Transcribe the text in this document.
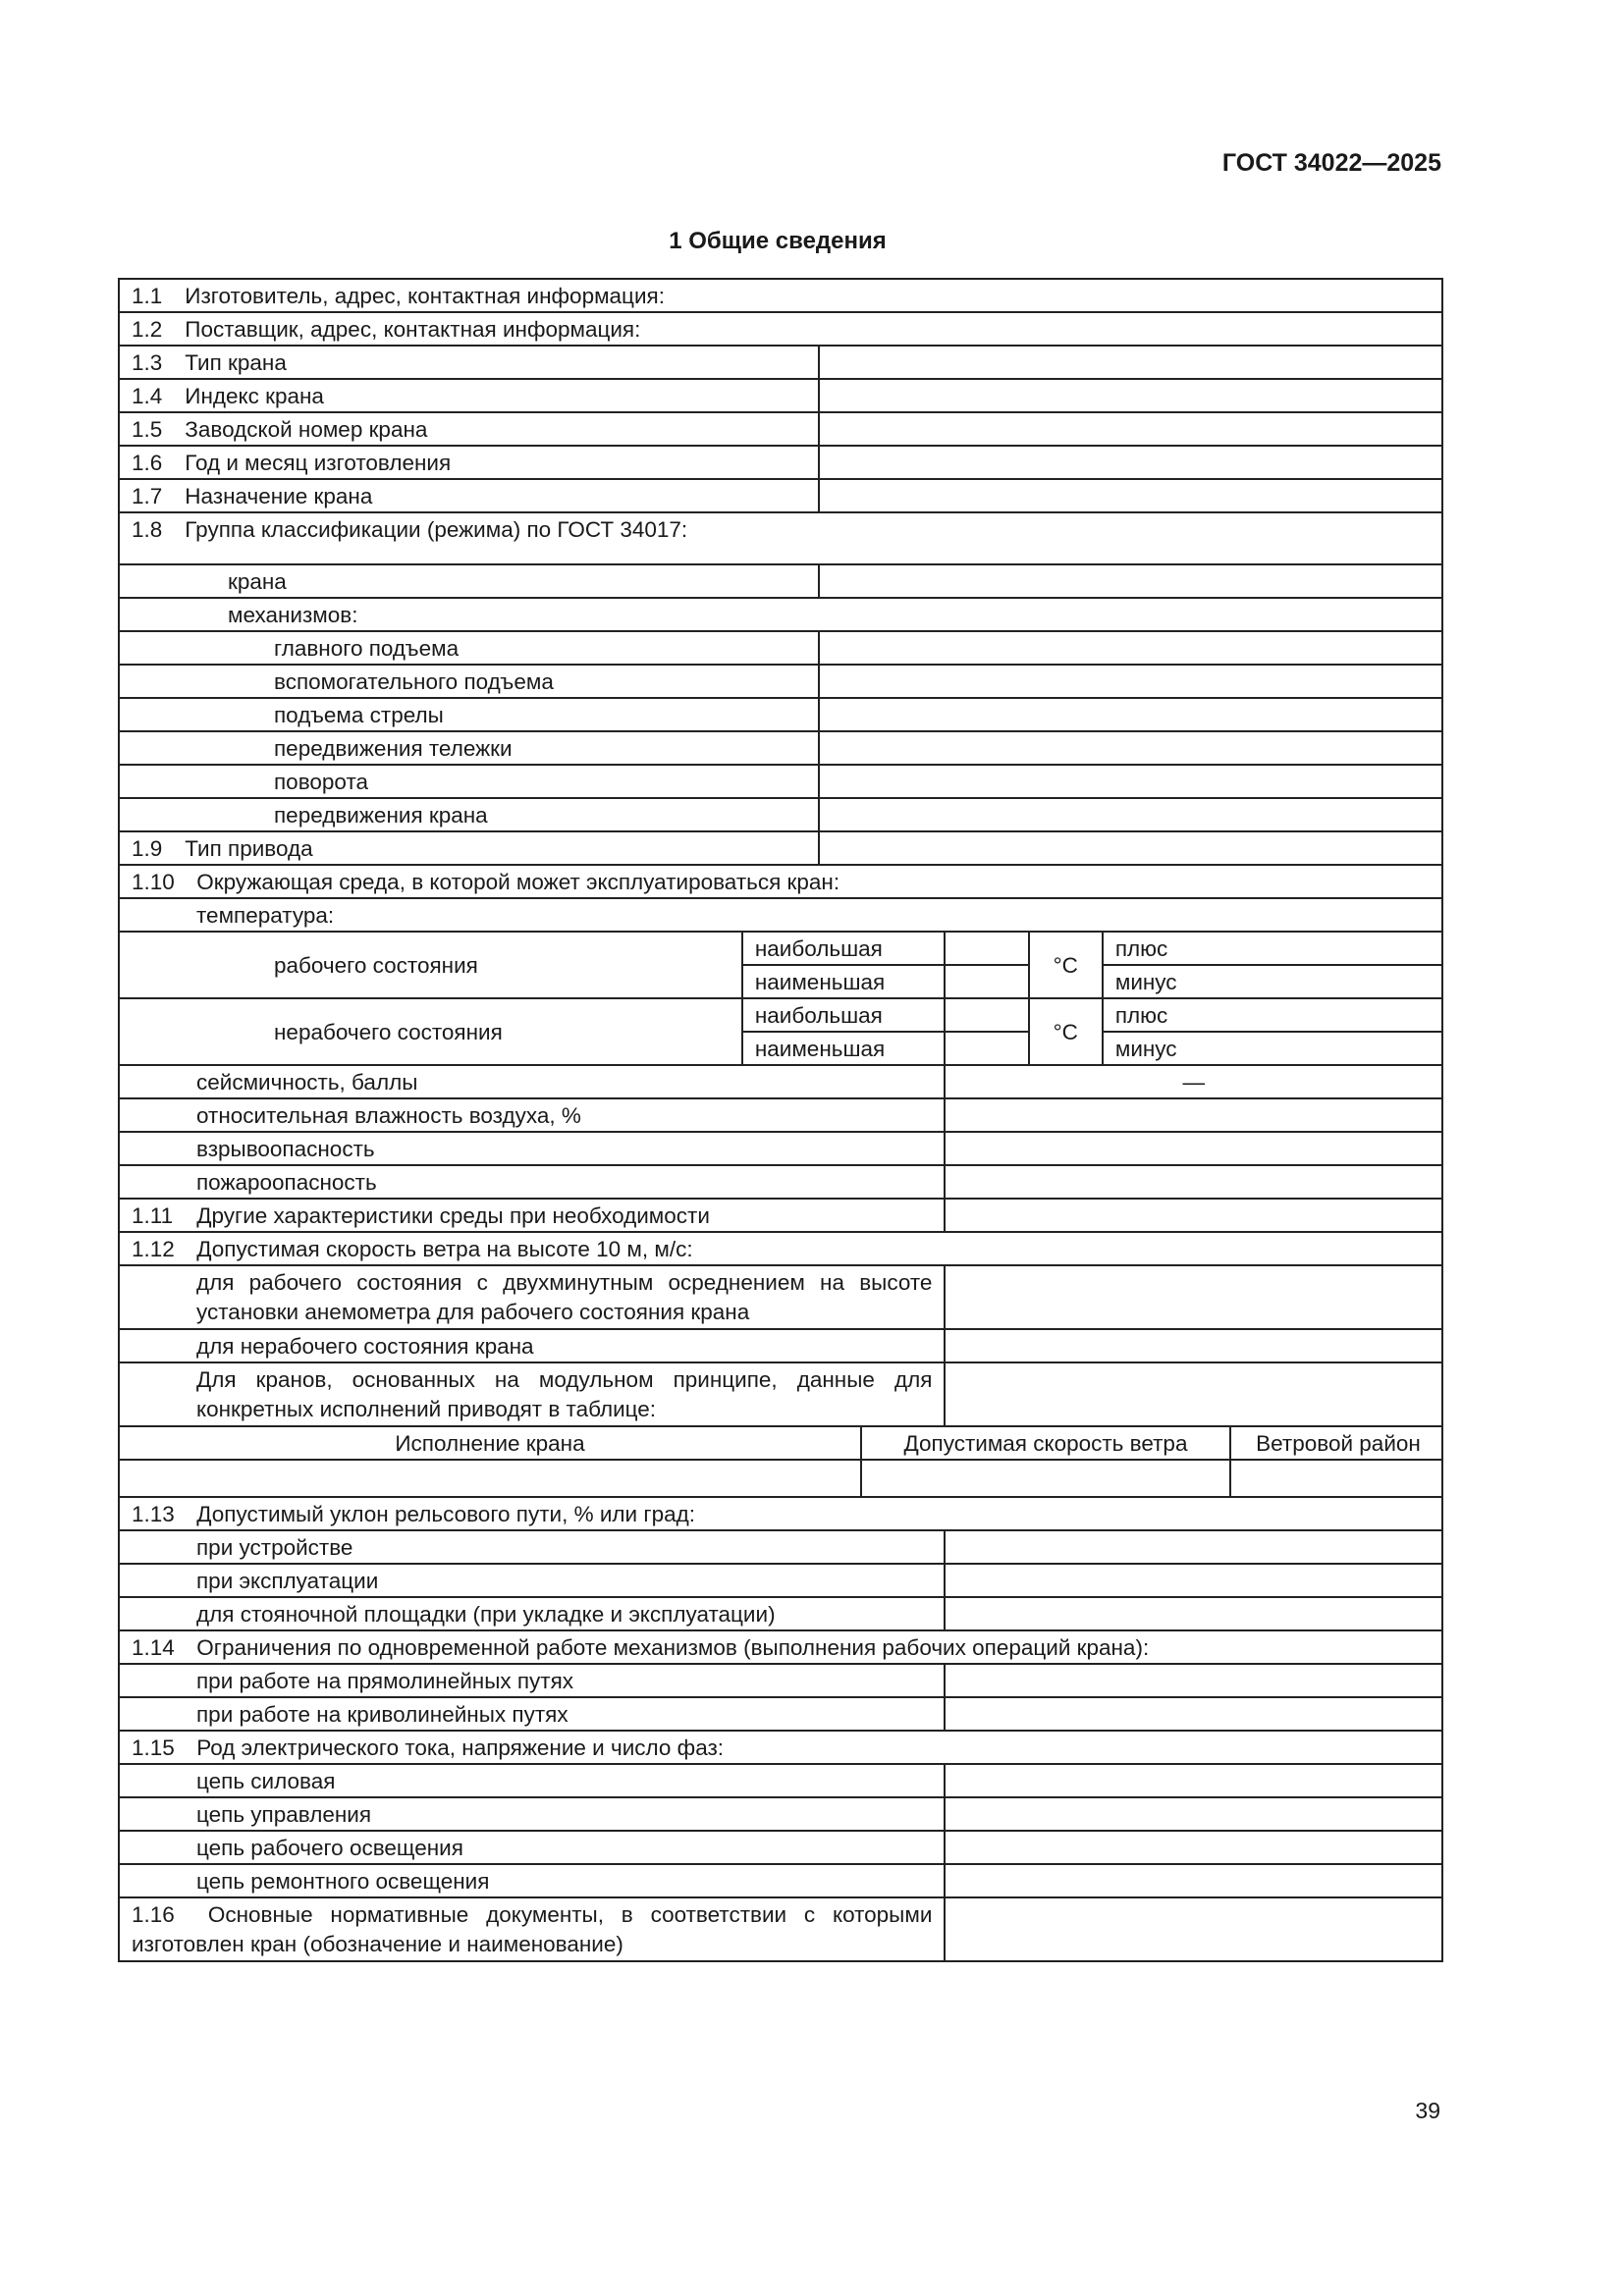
ГОСТ 34022—2025
1 Общие сведения
1.1 Изготовитель, адрес, контактная информация:
1.2 Поставщик, адрес, контактная информация:
1.3 Тип крана	
1.4 Индекс крана	
1.5 Заводской номер крана	
1.6 Год и месяц изготовления	
1.7 Назначение крана	
1.8 Группа классификации (режима) по ГОСТ 34017:
крана	
механизмов:
главного подъема	
вспомогательного подъема	
подъема стрелы	
передвижения тележки	
поворота	
передвижения крана	
1.9 Тип привода	
1.10 Окружающая среда, в которой может эксплуатироваться кран:
температура:
рабочего состояния	наибольшая		°С	плюс
наименьшая		минус
нерабочего состояния	наибольшая		°С	плюс
наименьшая		минус
сейсмичность, баллы	—
относительная влажность воздуха, %	
взрывоопасность	
пожароопасность	
1.11 Другие характеристики среды при необходимости	
1.12 Допустимая скорость ветра на высоте 10 м, м/с:
для рабочего состояния с двухминутным осреднением на высоте установки анемометра для рабочего состояния крана	
для нерабочего состояния крана	
Для кранов, основанных на модульном принципе, данные для конкретных исполнений приводят в таблице:	

Исполнение крана	Допустимая скорость ветра	Ветровой район

1.13 Допустимый уклон рельсового пути, % или град:
при устройстве	
при эксплуатации	
для стояночной площадки (при укладке и эксплуатации)	
1.14 Ограничения по одновременной работе механизмов (выполнения рабочих операций крана):
при работе на прямолинейных путях	
при работе на криволинейных путях	
1.15 Род электрического тока, напряжение и число фаз:
цепь силовая	
цепь управления	
цепь рабочего освещения	
цепь ремонтного освещения	
1.16 Основные нормативные документы, в соответствии с которыми изготовлен кран (обозначение и наименование)	
39
